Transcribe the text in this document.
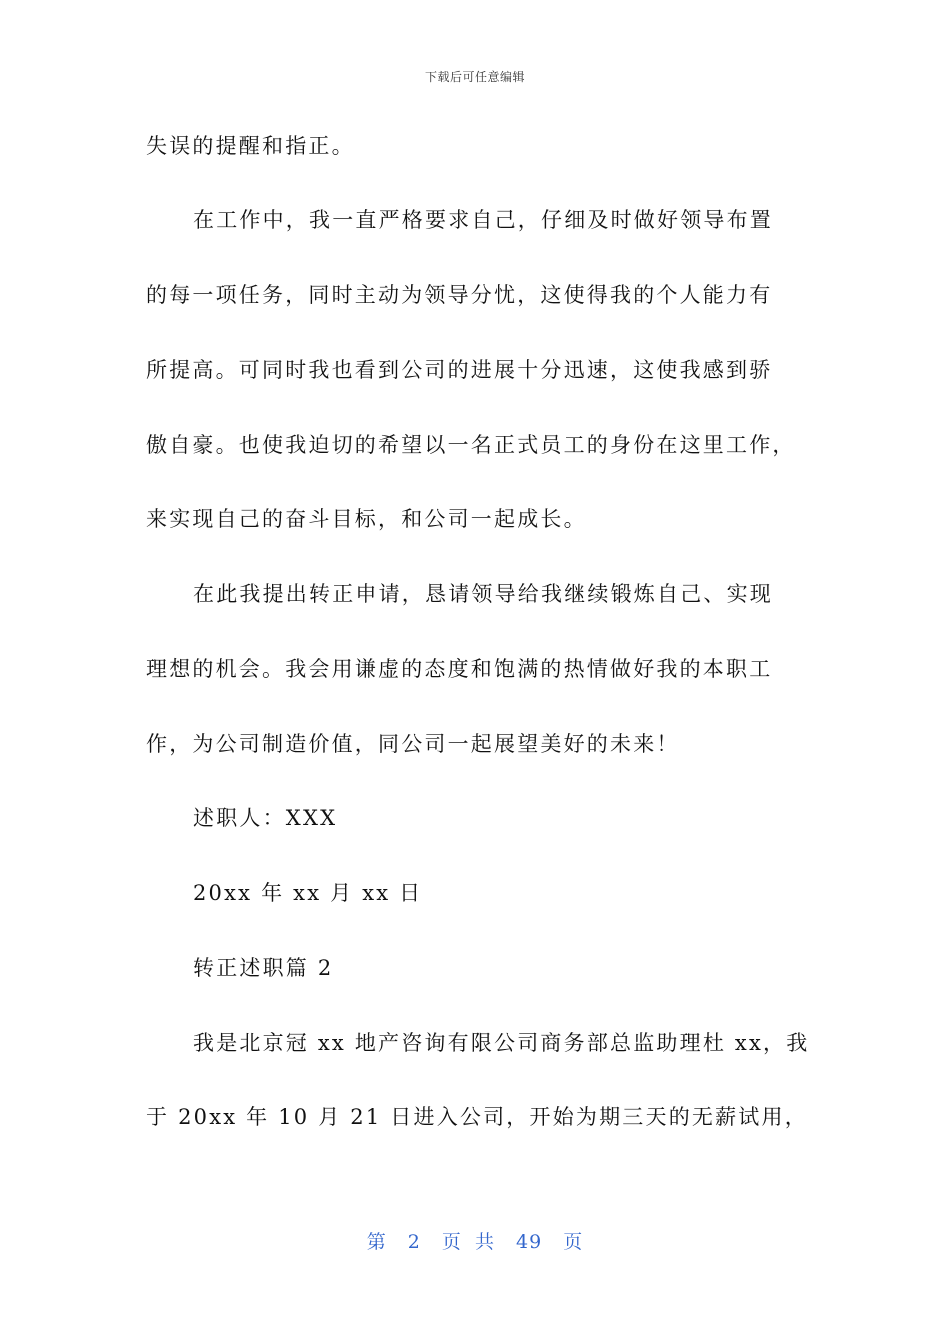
下载后可任意编辑
失误的提醒和指正。
在工作中，我一直严格要求自己，仔细及时做好领导布置
的每一项任务，同时主动为领导分忧，这使得我的个人能力有
所提高。可同时我也看到公司的进展十分迅速，这使我感到骄
傲自豪。也使我迫切的希望以一名正式员工的身份在这里工作，
来实现自己的奋斗目标，和公司一起成长。
在此我提出转正申请，恳请领导给我继续锻炼自己、实现
理想的机会。我会用谦虚的态度和饱满的热情做好我的本职工
作，为公司制造价值，同公司一起展望美好的未来！
述职人：XXX
20xx 年 xx 月 xx 日
转正述职篇 2
我是北京冠 xx 地产咨询有限公司商务部总监助理杜 xx，我
于 20xx 年 10 月 21 日进入公司，开始为期三天的无薪试用，
第 2 页 共 49 页
